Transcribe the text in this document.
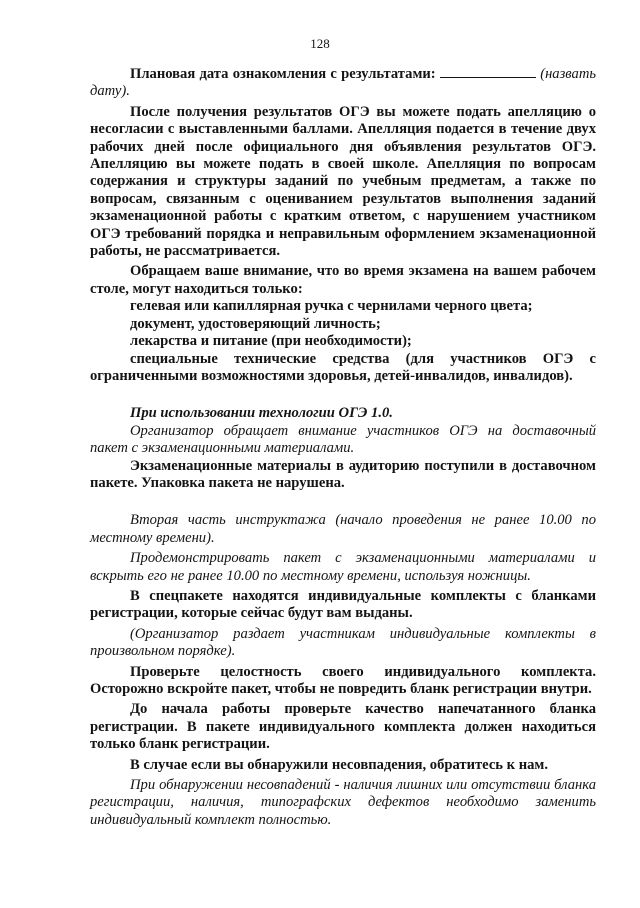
128

Плановая дата ознакомления с результатами:	(назвать дату).

После получения результатов ОГЭ вы можете подать апелляцию о несогласии с выставленными баллами. Апелляция подается в течение двух рабочих дней после официального дня объявления результатов ОГЭ. Апелляцию вы можете подать в своей школе. Апелляция по вопросам содержания и структуры заданий по учебным предметам, а также по вопросам, связанным с оцениванием результатов выполнения заданий экзаменационной работы с кратким ответом, с нарушением участником ОГЭ требований порядка и неправильным оформлением экзаменационной работы, не рассматривается.

Обращаем ваше внимание, что во время экзамена на вашем рабочем столе, могут находиться только:

гелевая или капиллярная ручка с чернилами черного цвета;

документ, удостоверяющий личность;

лекарства и питание (при необходимости);

специальные технические средства (для участников ОГЭ с ограниченными возможностями здоровья, детей-инвалидов, инвалидов).

При использовании технологии ОГЭ 1.0.

Организатор обращает внимание участников ОГЭ на доставочный пакет с экзаменационными материалами.

Экзаменационные материалы в аудиторию поступили в доставочном пакете. Упаковка пакета не нарушена.

Вторая часть инструктажа (начало проведения не ранее 10.00 по местному времени).

Продемонстрировать пакет с экзаменационными материалами и вскрыть его не ранее 10.00 по местному времени, используя ножницы.

В спецпакете находятся индивидуальные комплекты с бланками регистрации, которые сейчас будут вам выданы.

(Организатор раздает участникам индивидуальные комплекты в произвольном порядке).

Проверьте целостность своего индивидуального комплекта. Осторожно вскройте пакет, чтобы не повредить бланк регистрации внутри.

До начала работы проверьте качество напечатанного бланка регистрации. В пакете индивидуального комплекта должен находиться только бланк регистрации.

В случае если вы обнаружили несовпадения, обратитесь к нам.

При обнаружении несовпадений - наличия лишних или отсутствии бланка регистрации, наличия, типографских дефектов необходимо заменить индивидуальный комплект полностью.
